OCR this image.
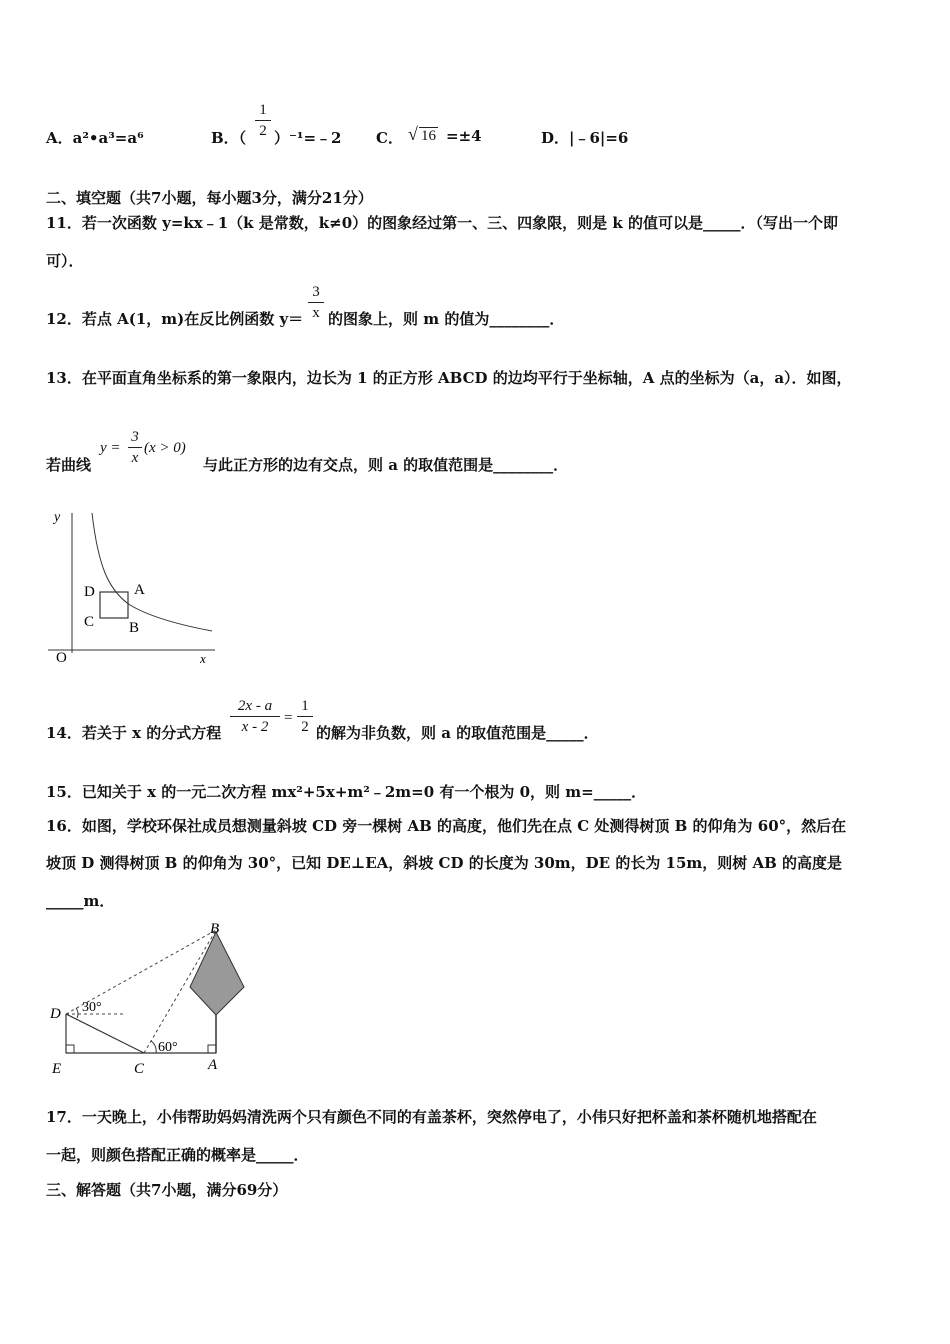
A．a²•a³=a⁶	B．（
1
2 ）⁻¹=﹣2 C． √ 16 =±4	D．|﹣6|=6
二、填空题（共7小题，每小题3分，满分21分）
11．若一次函数 y=kx﹣1（k 是常数，k≠0）的图象经过第一、三、四象限，则是 k 的值可以是_____．（写出一个即
可）．
12．若点 A(1，m)在反比例函数 y＝
3
x 的图象上，则 m 的值为________．
13．在平面直角坐标系的第一象限内，边长为 1 的正方形 ABCD 的边均平行于坐标轴，A 点的坐标为（a，a）．如图，
若曲线
y =
3
x
(x > 0)
与此正方形的边有交点，则 a 的取值范围是________．
y
x
O
A
B
C
D
14．若关于 x 的分式方程
2x - a
x - 2
=
1
2 的解为非负数，则 a 的取值范围是_____．
15．已知关于 x 的一元二次方程 mx²+5x+m²﹣2m=0 有一个根为 0，则 m=_____．
16．如图，学校环保社成员想测量斜坡 CD 旁一棵树 AB 的高度，他们先在点 C 处测得树顶 B 的仰角为 60°，然后在
坡顶 D 测得树顶 B 的仰角为 30°，已知 DE⊥EA，斜坡 CD 的长度为 30m，DE 的长为 15m，则树 AB 的高度是
_____m．
B
D
E	C	A
30°
60°
17．一天晚上，小伟帮助妈妈清洗两个只有颜色不同的有盖茶杯，突然停电了，小伟只好把杯盖和茶杯随机地搭配在
一起，则颜色搭配正确的概率是_____．
三、解答题（共7小题，满分69分）
